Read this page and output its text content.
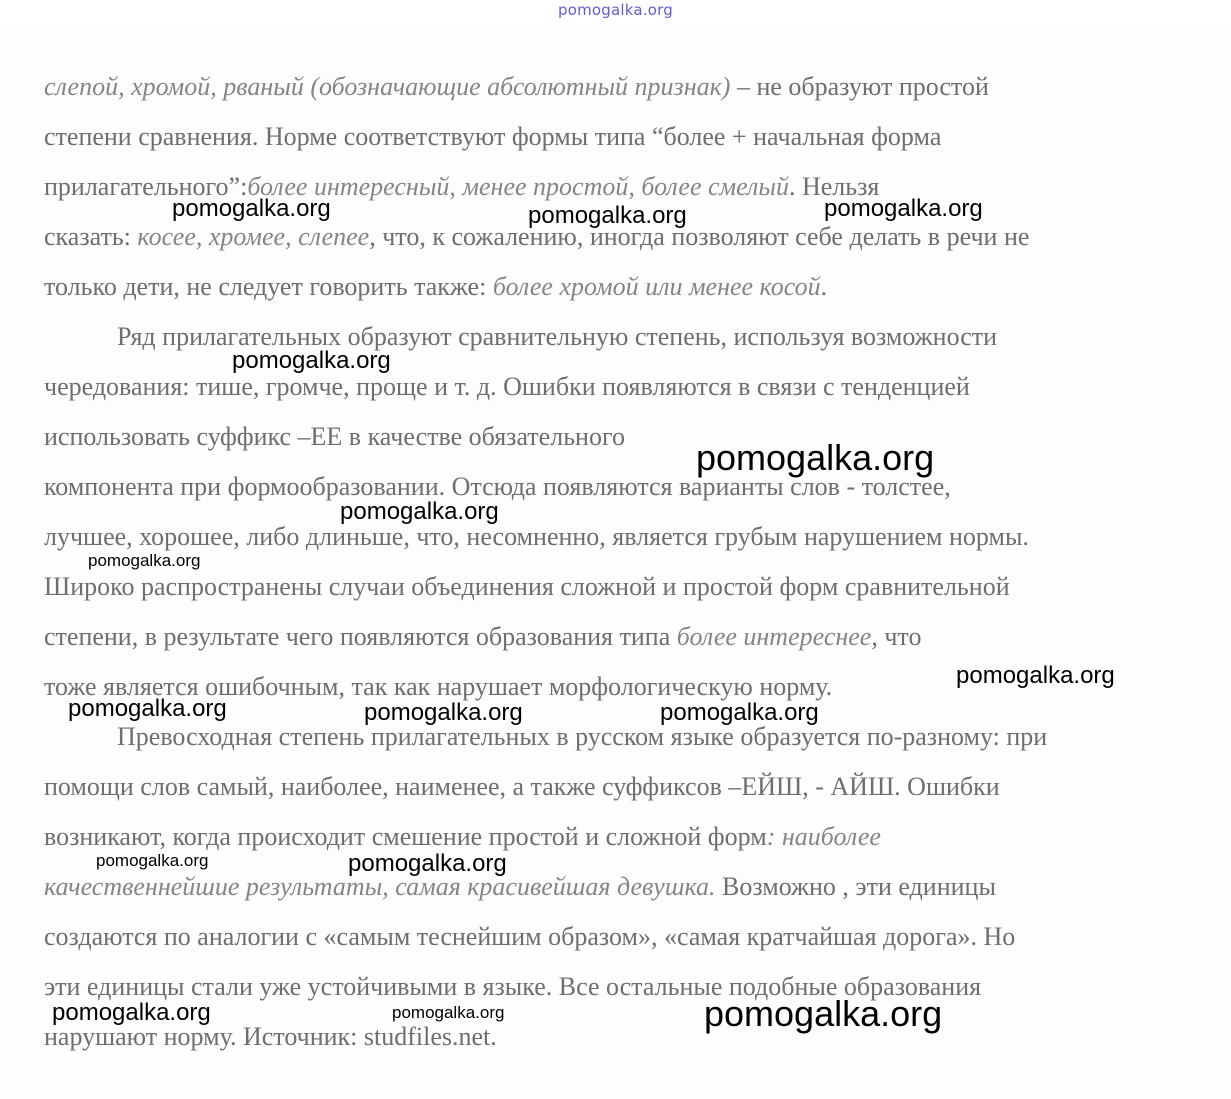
pomogalka.org
слепой, хромой, рваный (обозначающие абсолютный признак) – не образуют простой
степени сравнения. Норме соответствуют формы типа “более + начальная форма
прилагательного”:более интересный, менее простой, более смелый. Нельзя
сказать: косее, хромее, слепее, что, к сожалению, иногда позволяют себе делать в речи не
только дети, не следует говорить также: более хромой или менее косой.
Ряд прилагательных образуют сравнительную степень, используя возможности
чередования: тише, громче, проще и т. д. Ошибки появляются в связи с тенденцией
использовать суффикс –ЕЕ в качестве обязательного
компонента при формообразовании. Отсюда появляются варианты слов - толстее,
лучшее, хорошее, либо длиньше, что, несомненно, является грубым нарушением нормы.
Широко распространены случаи объединения сложной и простой форм сравнительной
степени, в результате чего появляются образования типа более интереснее, что
тоже является ошибочным, так как нарушает морфологическую норму.
Превосходная степень прилагательных в русском языке образуется по-разному: при
помощи слов самый, наиболее, наименее, а также суффиксов –ЕЙШ, - АЙШ. Ошибки
возникают, когда происходит смешение простой и сложной форм: наиболее
качественнейшие результаты, самая красивейшая девушка. Возможно , эти единицы
создаются по аналогии с «самым теснейшим образом», «самая кратчайшая дорога». Но
эти единицы стали уже устойчивыми в языке. Все остальные подобные образования
нарушают норму. Источник: studfiles.net.
pomogalka.org	pomogalka.org	pomogalka.org
pomogalka.org
pomogalka.org
pomogalka.org
pomogalka.org
pomogalka.org
pomogalka.org	pomogalka.org	pomogalka.org
pomogalka.org	pomogalka.org
pomogalka.org	pomogalka.org	pomogalka.org
